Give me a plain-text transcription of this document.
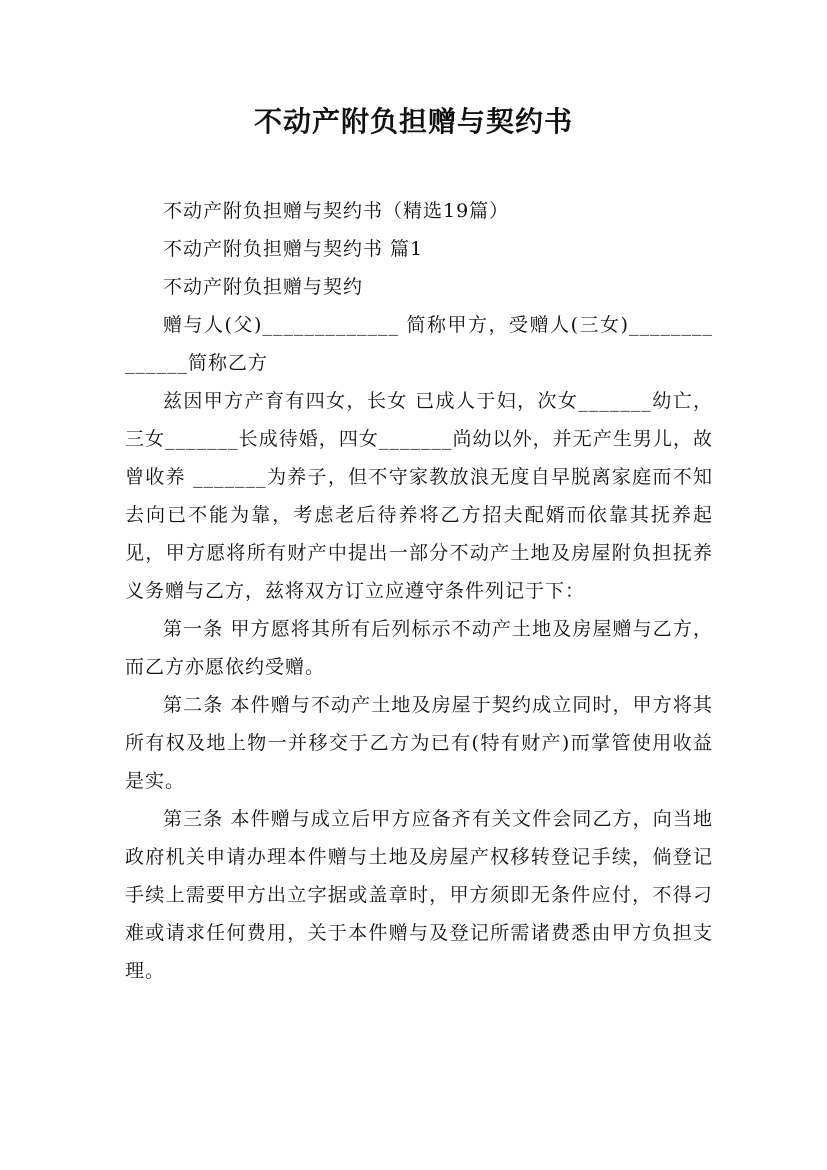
不动产附负担赠与契约书

不动产附负担赠与契约书（精选19篇）

不动产附负担赠与契约书 篇1

不动产附负担赠与契约

赠与人(父)_____________ 简称甲方，受赠人(三女)______________简称乙方

兹因甲方产育有四女，长女 已成人于妇，次女_______幼亡，三女_______长成待婚，四女_______尚幼以外，并无产生男儿，故曾收养 _______为养子，但不守家教放浪无度自早脱离家庭而不知去向已不能为靠，考虑老后待养将乙方招夫配婿而依靠其抚养起见，甲方愿将所有财产中提出一部分不动产土地及房屋附负担抚养义务赠与乙方，兹将双方订立应遵守条件列记于下：

第一条 甲方愿将其所有后列标示不动产土地及房屋赠与乙方，而乙方亦愿依约受赠。

第二条 本件赠与不动产土地及房屋于契约成立同时，甲方将其所有权及地上物一并移交于乙方为已有(特有财产)而掌管使用收益是实。

第三条 本件赠与成立后甲方应备齐有关文件会同乙方，向当地政府机关申请办理本件赠与土地及房屋产权移转登记手续，倘登记手续上需要甲方出立字据或盖章时，甲方须即无条件应付，不得刁难或请求任何费用，关于本件赠与及登记所需诸费悉由甲方负担支理。
